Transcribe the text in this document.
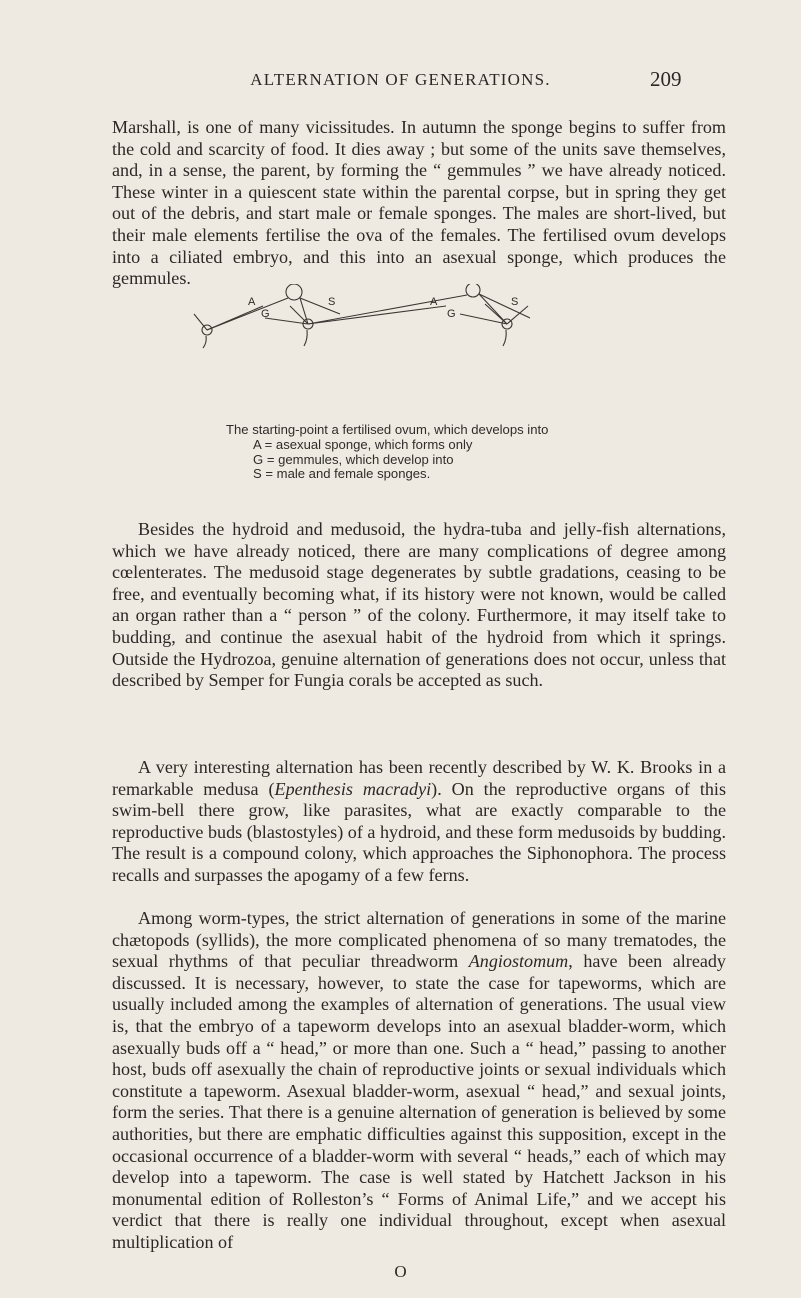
ALTERNATION OF GENERATIONS.	209

Marshall, is one of many vicissitudes. In autumn the sponge begins to suffer from the cold and scarcity of food. It dies away ; but some of the units save themselves, and, in a sense, the parent, by forming the “ gemmules ” we have already noticed. These winter in a quiescent state within the parental corpse, but in spring they get out of the debris, and start male or female sponges. The males are short-lived, but their male elements fertilise the ova of the females. The fertilised ovum develops into a ciliated embryo, and this into an asexual sponge, which produces the gemmules.

A
G
S	A
G
S
The starting-point a fertilised ovum, which develops into
A = asexual sponge, which forms only
G = gemmules, which develop into
S = male and female sponges.

Besides the hydroid and medusoid, the hydra-tuba and jelly-fish alternations, which we have already noticed, there are many complications of degree among cœlenterates. The medusoid stage degenerates by subtle gradations, ceasing to be free, and eventually becoming what, if its history were not known, would be called an organ rather than a “ person ” of the colony. Furthermore, it may itself take to budding, and continue the asexual habit of the hydroid from which it springs. Outside the Hydrozoa, genuine alternation of generations does not occur, unless that described by Semper for Fungia corals be accepted as such.

A very interesting alternation has been recently described by W. K. Brooks in a remarkable medusa (Epenthesis macradyi). On the reproductive organs of this swim-bell there grow, like parasites, what are exactly comparable to the reproductive buds (blastostyles) of a hydroid, and these form medusoids by budding. The result is a compound colony, which approaches the Siphonophora. The process recalls and surpasses the apogamy of a few ferns.

Among worm-types, the strict alternation of generations in some of the marine chætopods (syllids), the more complicated phenomena of so many trematodes, the sexual rhythms of that peculiar threadworm Angiostomum, have been already discussed. It is necessary, however, to state the case for tapeworms, which are usually included among the examples of alternation of generations. The usual view is, that the embryo of a tapeworm develops into an asexual bladder-worm, which asexually buds off a “ head,” or more than one. Such a “ head,” passing to another host, buds off asexually the chain of reproductive joints or sexual individuals which constitute a tapeworm. Asexual bladder-worm, asexual “ head,” and sexual joints, form the series. That there is a genuine alternation of generation is believed by some authorities, but there are emphatic difficulties against this supposition, except in the occasional occurrence of a bladder-worm with several “ heads,” each of which may develop into a tapeworm. The case is well stated by Hatchett Jackson in his monumental edition of Rolleston’s “ Forms of Animal Life,” and we accept his verdict that there is really one individual throughout, except when asexual multiplication of

O
